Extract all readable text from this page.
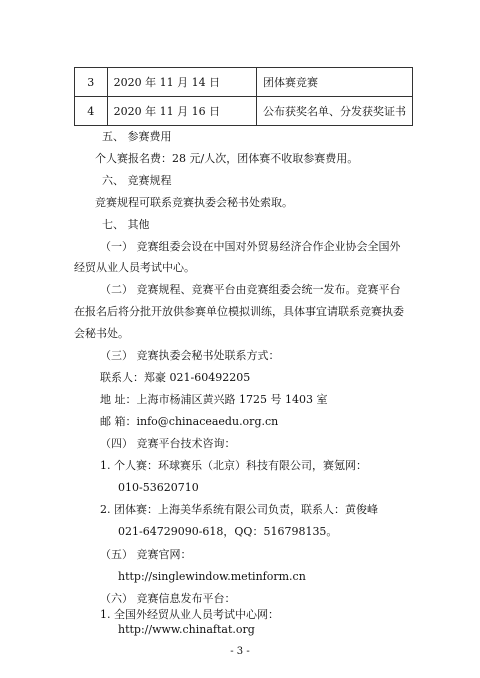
3	2020 年 11 月 14 日	团体赛竞赛
4	2020 年 11 月 16 日	公布获奖名单、分发获奖证书
五、 参赛费用
个人赛报名费：28 元/人次，团体赛不收取参赛费用。
六、 竞赛规程
竞赛规程可联系竞赛执委会秘书处索取。
七、 其他
（一） 竞赛组委会设在中国对外贸易经济合作企业协会全国外
经贸从业人员考试中心。
（二） 竞赛规程、竞赛平台由竞赛组委会统一发布。竞赛平台
在报名后将分批开放供参赛单位模拟训练，具体事宜请联系竞赛执委
会秘书处。
（三） 竞赛执委会秘书处联系方式：
联系人：郑豪 021-60492205
地 址：上海市杨浦区黄兴路 1725 号 1403 室
邮 箱：info@chinaceaedu.org.cn
（四） 竞赛平台技术咨询：
1. 个人赛：环球赛乐（北京）科技有限公司，赛氪网：
010-53620710
2. 团体赛：上海美华系统有限公司负责，联系人：黄俊峰
021-64729090-618，QQ：516798135。
（五） 竞赛官网：
http://singlewindow.metinform.cn
（六） 竞赛信息发布平台：
1. 全国外经贸从业人员考试中心网：
http://www.chinaftat.org
- 3 -
